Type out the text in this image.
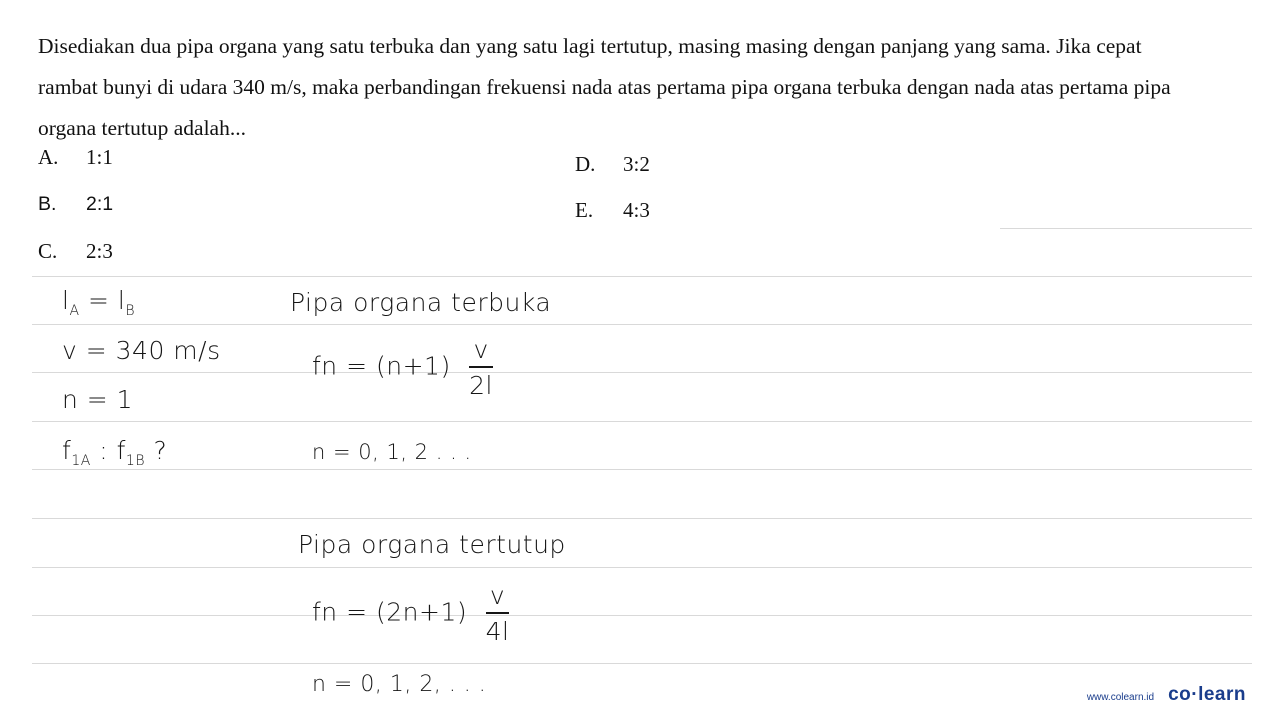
Disediakan dua pipa organa yang satu terbuka dan yang satu lagi tertutup, masing masing dengan panjang yang sama. Jika cepat rambat bunyi di udara 340 m/s, maka perbandingan frekuensi nada atas pertama pipa organa terbuka dengan nada atas pertama pipa organa tertutup adalah...

A. 1:1
B. 2:1
C. 2:3
D. 3:2
E. 4:3
$l_A = l_B$
v = 340 m/s
n = 1
$f_{1A}$ : $f_{1B}$ ?
Pipa organa terbuka
fn = $(n+1) \frac{v}{2l}$
n = 0, 1, 2 . . .
Pipa organa tertutup
fn = $(2n+1) \frac{v}{4l}$
n = 0, 1, 2, . . .
www.colearn.id co·learn
